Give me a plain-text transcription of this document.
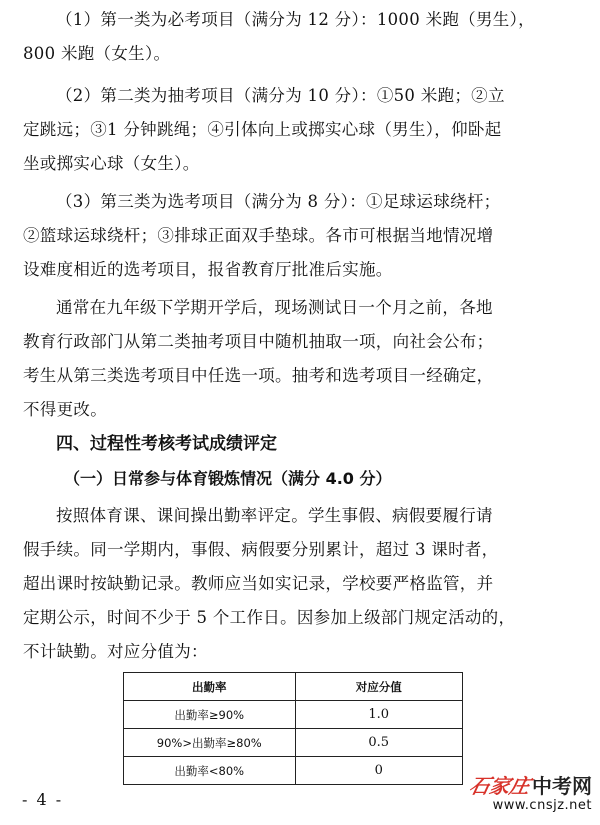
（1）第一类为必考项目（满分为 12 分）：1000 米跑（男生），
800 米跑（女生）。

（2）第二类为抽考项目（满分为 10 分）：①50 米跑；②立
定跳远；③1 分钟跳绳；④引体向上或掷实心球（男生），仰卧起
坐或掷实心球（女生）。

（3）第三类为选考项目（满分为 8 分）：①足球运球绕杆；
②篮球运球绕杆；③排球正面双手垫球。各市可根据当地情况增
设难度相近的选考项目，报省教育厅批准后实施。

通常在九年级下学期开学后，现场测试日一个月之前，各地
教育行政部门从第二类抽考项目中随机抽取一项，向社会公布；
考生从第三类选考项目中任选一项。抽考和选考项目一经确定，
不得更改。

四、过程性考核考试成绩评定
（一）日常参与体育锻炼情况（满分 4.0 分）

按照体育课、课间操出勤率评定。学生事假、病假要履行请
假手续。同一学期内，事假、病假要分别累计，超过 3 课时者，
超出课时按缺勤记录。教师应当如实记录，学校要严格监管，并
定期公示，时间不少于 5 个工作日。因参加上级部门规定活动的，
不计缺勤。对应分值为：

出勤率	对应分值
出勤率≥90%	1.0
90%>出勤率≥80%	0.5
出勤率<80%	0
- 4 -
石家庄中考网
www.cnsjz.net
